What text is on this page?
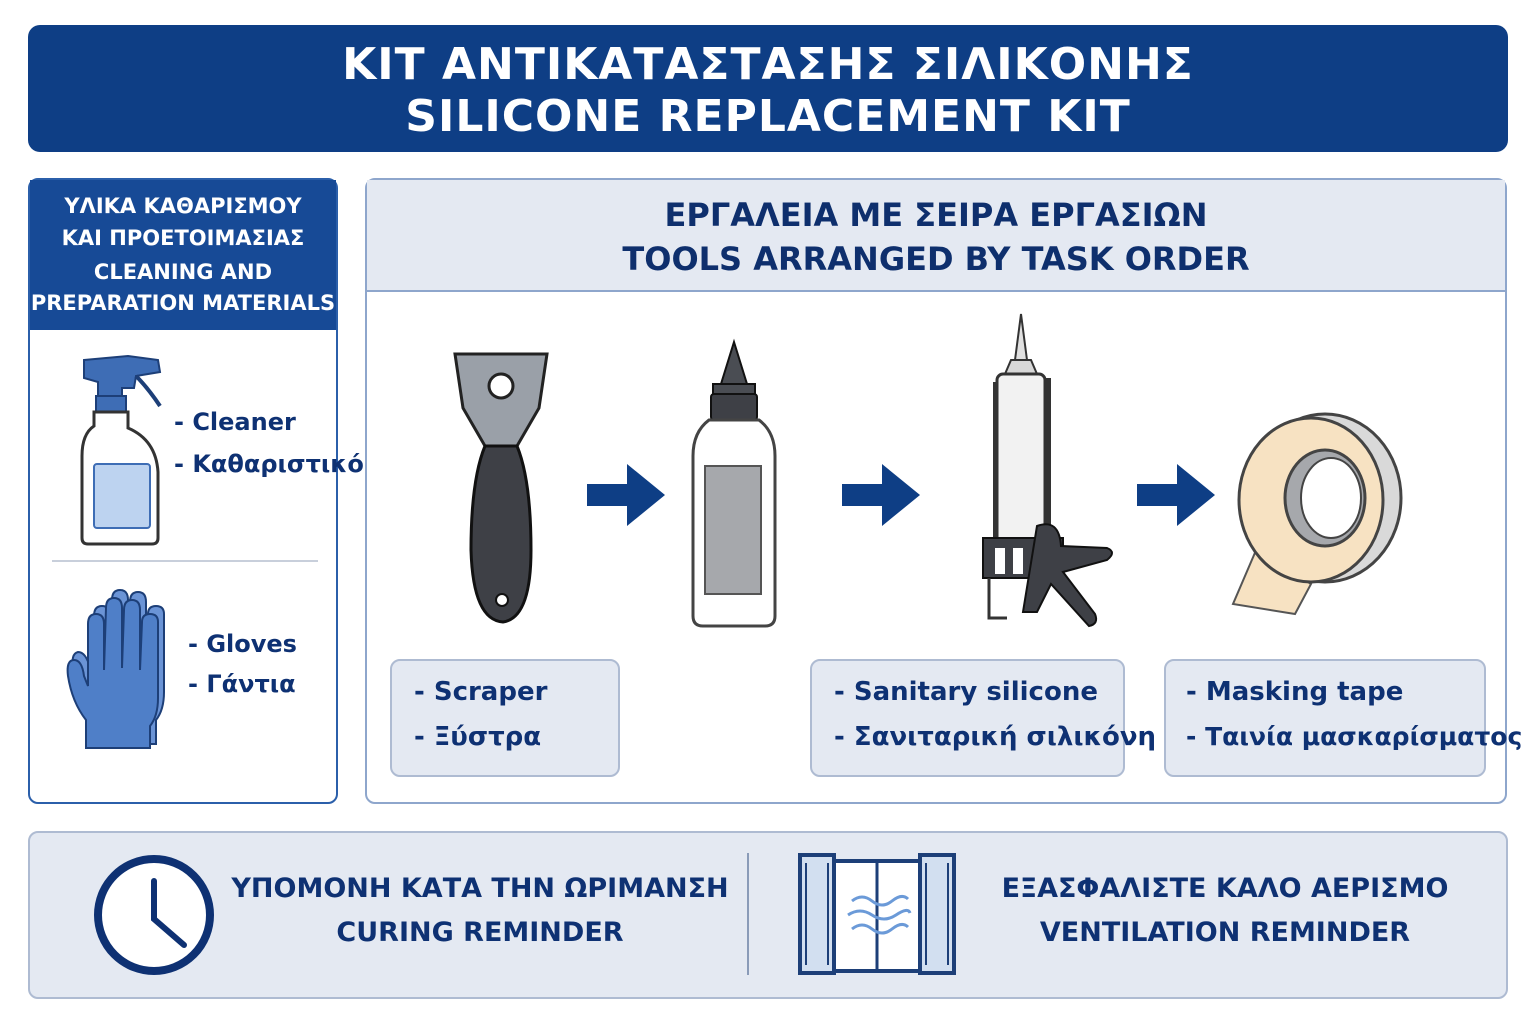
KIT ΑΝΤΙΚΑΤΑΣΤΑΣΗΣ ΣΙΛΙΚΟΝΗΣ
SILICONE REPLACEMENT KIT
ΥΛΙΚΑ ΚΑΘΑΡΙΣΜΟΥ
ΚΑΙ ΠΡΟΕΤΟΙΜΑΣΙΑΣ
CLEANING AND
PREPARATION MATERIALS
- Cleaner
- Καθαριστικό
- Gloves
- Γάντια
ΕΡΓΑΛΕΙΑ ΜΕ ΣΕΙΡΑ ΕΡΓΑΣΙΩΝ
TOOLS ARRANGED BY TASK ORDER
- Scraper
- Ξύστρα
- Sanitary silicone
- Σανιταρική σιλικόνη
- Masking tape
- Ταινία μασκαρίσματος
ΥΠΟΜΟΝΗ ΚΑΤΑ ΤΗΝ ΩΡΙΜΑΝΣΗ
CURING REMINDER
ΕΞΑΣΦΑΛΙΣΤΕ ΚΑΛΟ ΑΕΡΙΣΜΟ
VENTILATION REMINDER
